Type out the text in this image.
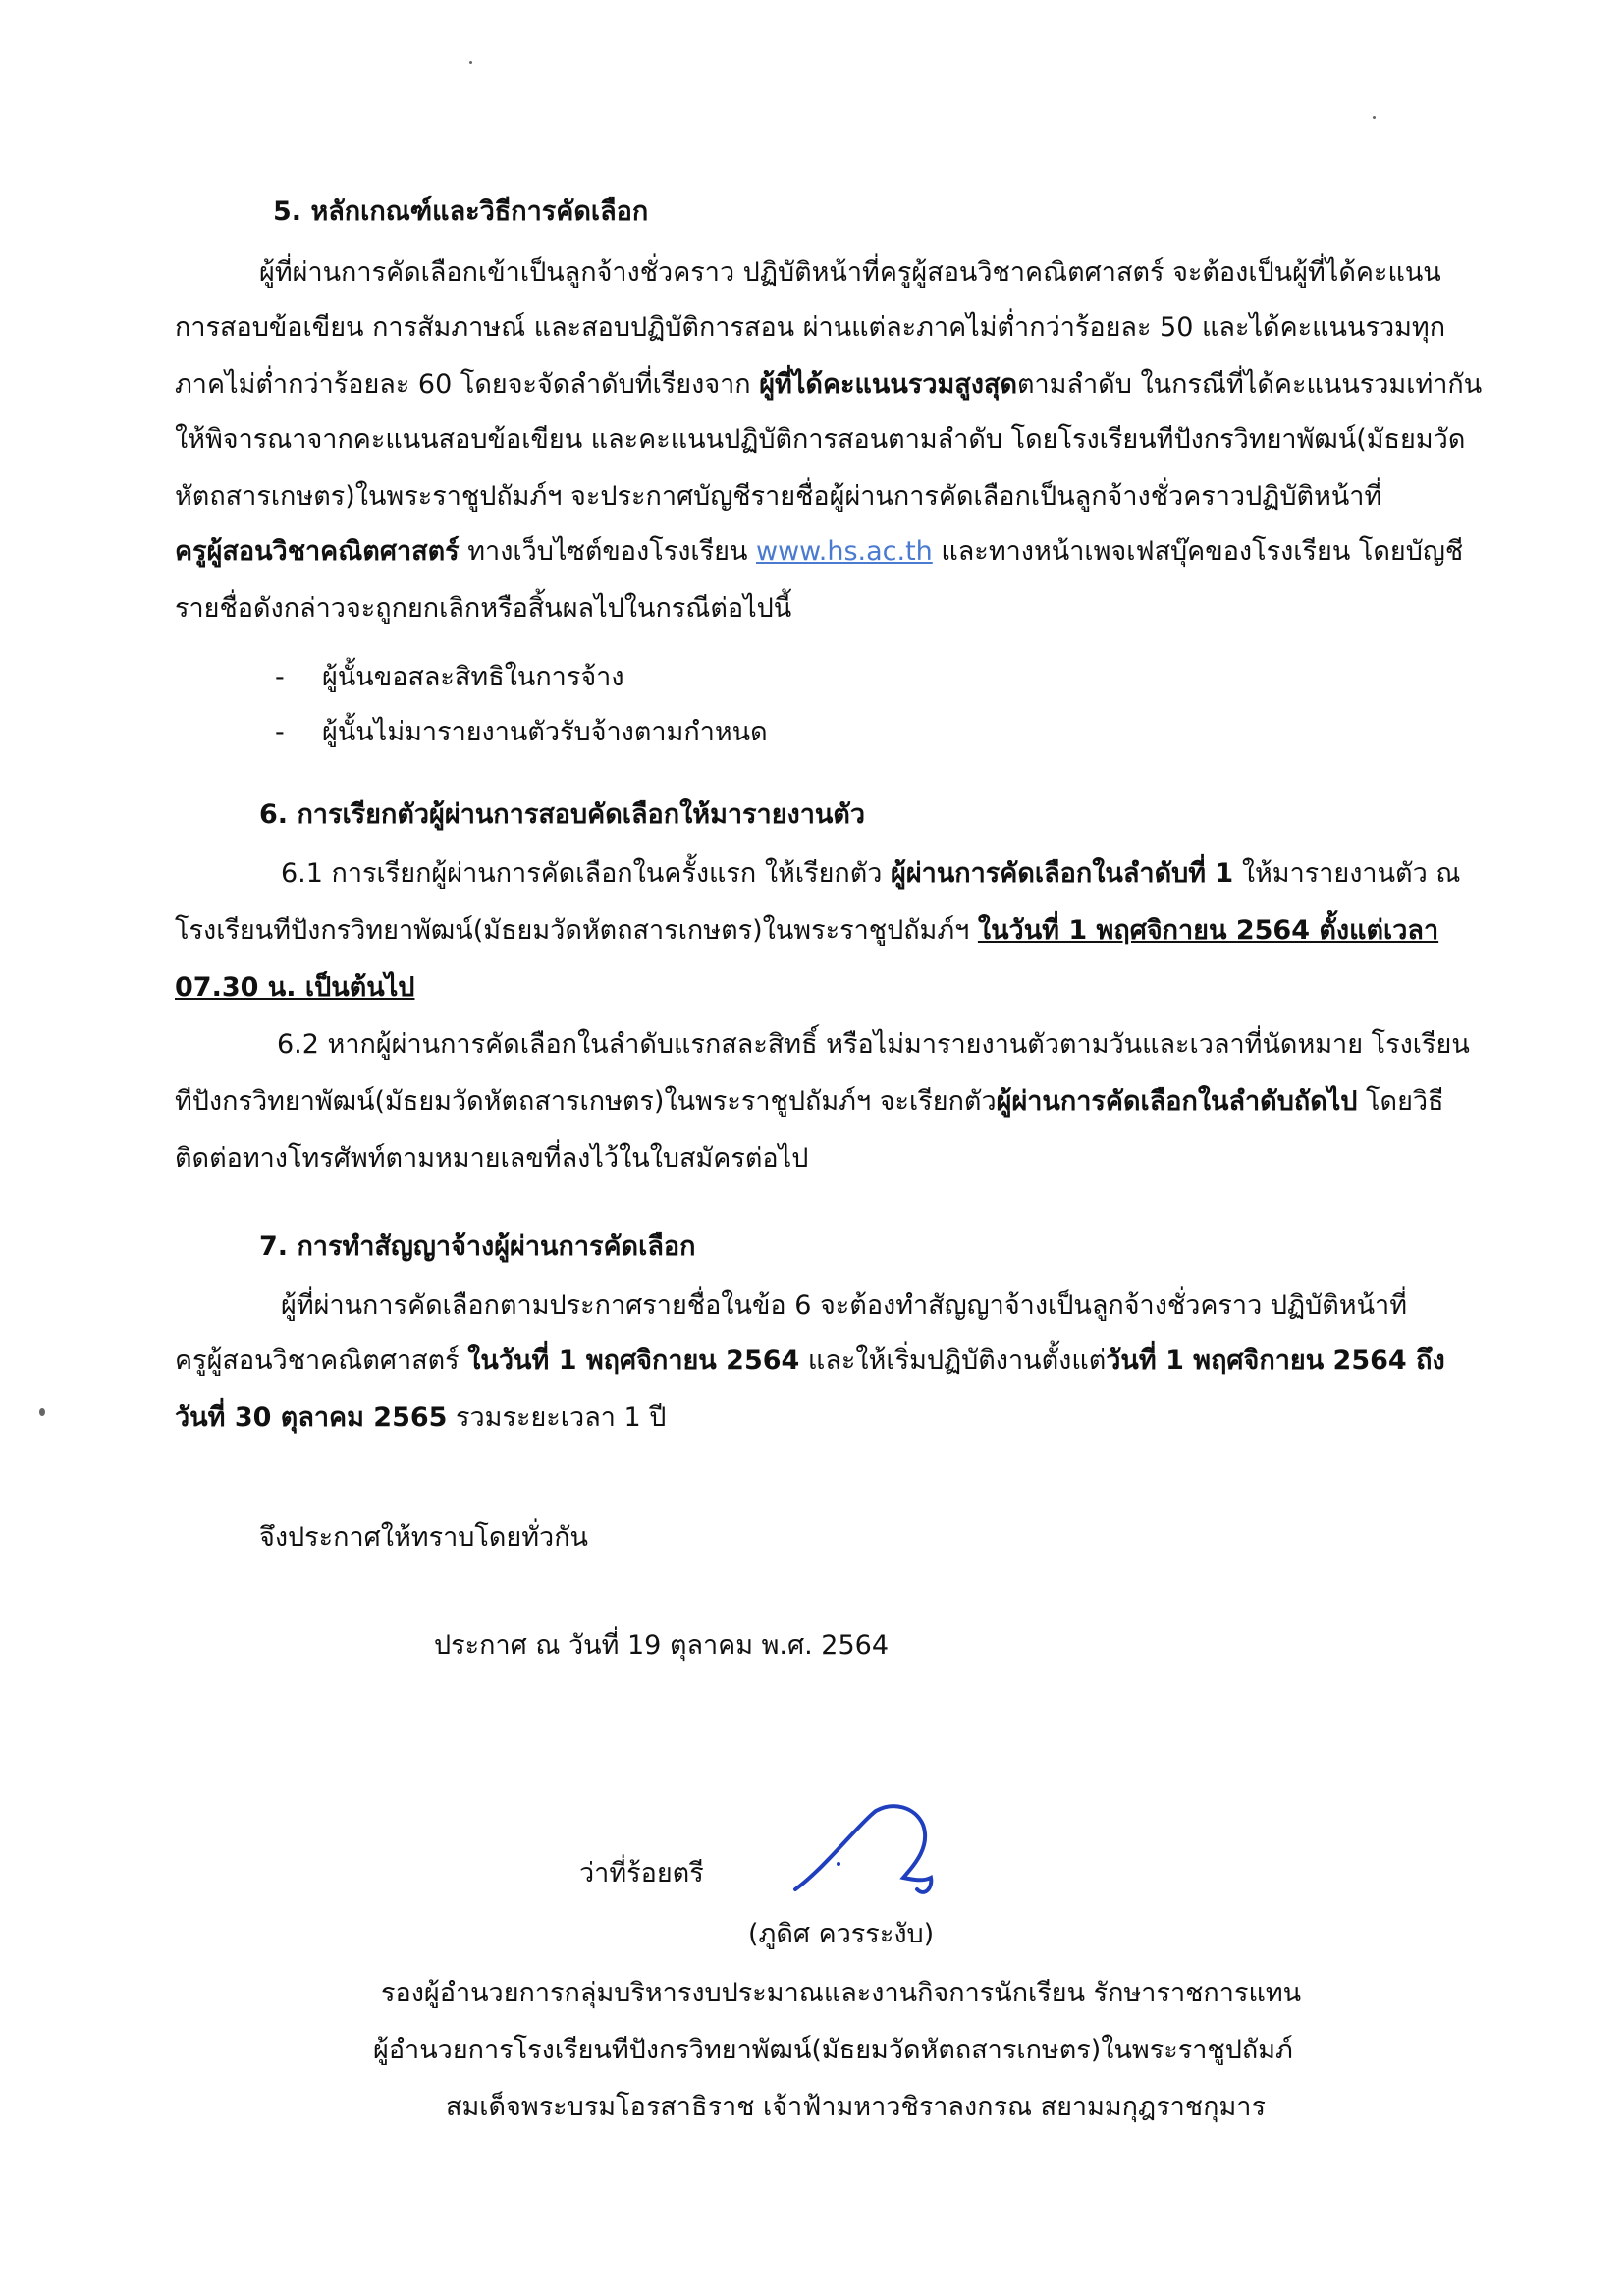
5. หลักเกณฑ์และวิธีการคัดเลือก
ผู้ที่ผ่านการคัดเลือกเข้าเป็นลูกจ้างชั่วคราว ปฏิบัติหน้าที่ครูผู้สอนวิชาคณิตศาสตร์ จะต้องเป็นผู้ที่ได้คะแนน
การสอบข้อเขียน การสัมภาษณ์ และสอบปฏิบัติการสอน ผ่านแต่ละภาคไม่ต่ำกว่าร้อยละ 50 และได้คะแนนรวมทุก
ภาคไม่ต่ำกว่าร้อยละ 60 โดยจะจัดลำดับที่เรียงจาก ผู้ที่ได้คะแนนรวมสูงสุดตามลำดับ ในกรณีที่ได้คะแนนรวมเท่ากัน
ให้พิจารณาจากคะแนนสอบข้อเขียน และคะแนนปฏิบัติการสอนตามลำดับ โดยโรงเรียนทีปังกรวิทยาพัฒน์(มัธยมวัด
หัตถสารเกษตร)ในพระราชูปถัมภ์ฯ จะประกาศบัญชีรายชื่อผู้ผ่านการคัดเลือกเป็นลูกจ้างชั่วคราวปฏิบัติหน้าที่
ครูผู้สอนวิชาคณิตศาสตร์ ทางเว็บไซต์ของโรงเรียน www.hs.ac.th และทางหน้าเพจเฟสบุ๊คของโรงเรียน โดยบัญชี
รายชื่อดังกล่าวจะถูกยกเลิกหรือสิ้นผลไปในกรณีต่อไปนี้
- ผู้นั้นขอสละสิทธิในการจ้าง
- ผู้นั้นไม่มารายงานตัวรับจ้างตามกำหนด
6. การเรียกตัวผู้ผ่านการสอบคัดเลือกให้มารายงานตัว
6.1 การเรียกผู้ผ่านการคัดเลือกในครั้งแรก ให้เรียกตัว ผู้ผ่านการคัดเลือกในลำดับที่ 1 ให้มารายงานตัว ณ
โรงเรียนทีปังกรวิทยาพัฒน์(มัธยมวัดหัตถสารเกษตร)ในพระราชูปถัมภ์ฯ ในวันที่ 1 พฤศจิกายน 2564 ตั้งแต่เวลา
07.30 น. เป็นต้นไป
6.2 หากผู้ผ่านการคัดเลือกในลำดับแรกสละสิทธิ์ หรือไม่มารายงานตัวตามวันและเวลาที่นัดหมาย โรงเรียน
ทีปังกรวิทยาพัฒน์(มัธยมวัดหัตถสารเกษตร)ในพระราชูปถัมภ์ฯ จะเรียกตัวผู้ผ่านการคัดเลือกในลำดับถัดไป โดยวิธี
ติดต่อทางโทรศัพท์ตามหมายเลขที่ลงไว้ในใบสมัครต่อไป
7. การทำสัญญาจ้างผู้ผ่านการคัดเลือก
ผู้ที่ผ่านการคัดเลือกตามประกาศรายชื่อในข้อ 6 จะต้องทำสัญญาจ้างเป็นลูกจ้างชั่วคราว ปฏิบัติหน้าที่
ครูผู้สอนวิชาคณิตศาสตร์ ในวันที่ 1 พฤศจิกายน 2564 และให้เริ่มปฏิบัติงานตั้งแต่วันที่ 1 พฤศจิกายน 2564 ถึง
วันที่ 30 ตุลาคม 2565 รวมระยะเวลา 1 ปี
จึงประกาศให้ทราบโดยทั่วกัน
ประกาศ ณ วันที่ 19 ตุลาคม พ.ศ. 2564
ว่าที่ร้อยตรี
(ภูดิศ ควรระงับ)
รองผู้อำนวยการกลุ่มบริหารงบประมาณและงานกิจการนักเรียน รักษาราชการแทน
ผู้อำนวยการโรงเรียนทีปังกรวิทยาพัฒน์(มัธยมวัดหัตถสารเกษตร)ในพระราชูปถัมภ์
สมเด็จพระบรมโอรสาธิราช เจ้าฟ้ามหาวชิราลงกรณ สยามมกุฎราชกุมาร
